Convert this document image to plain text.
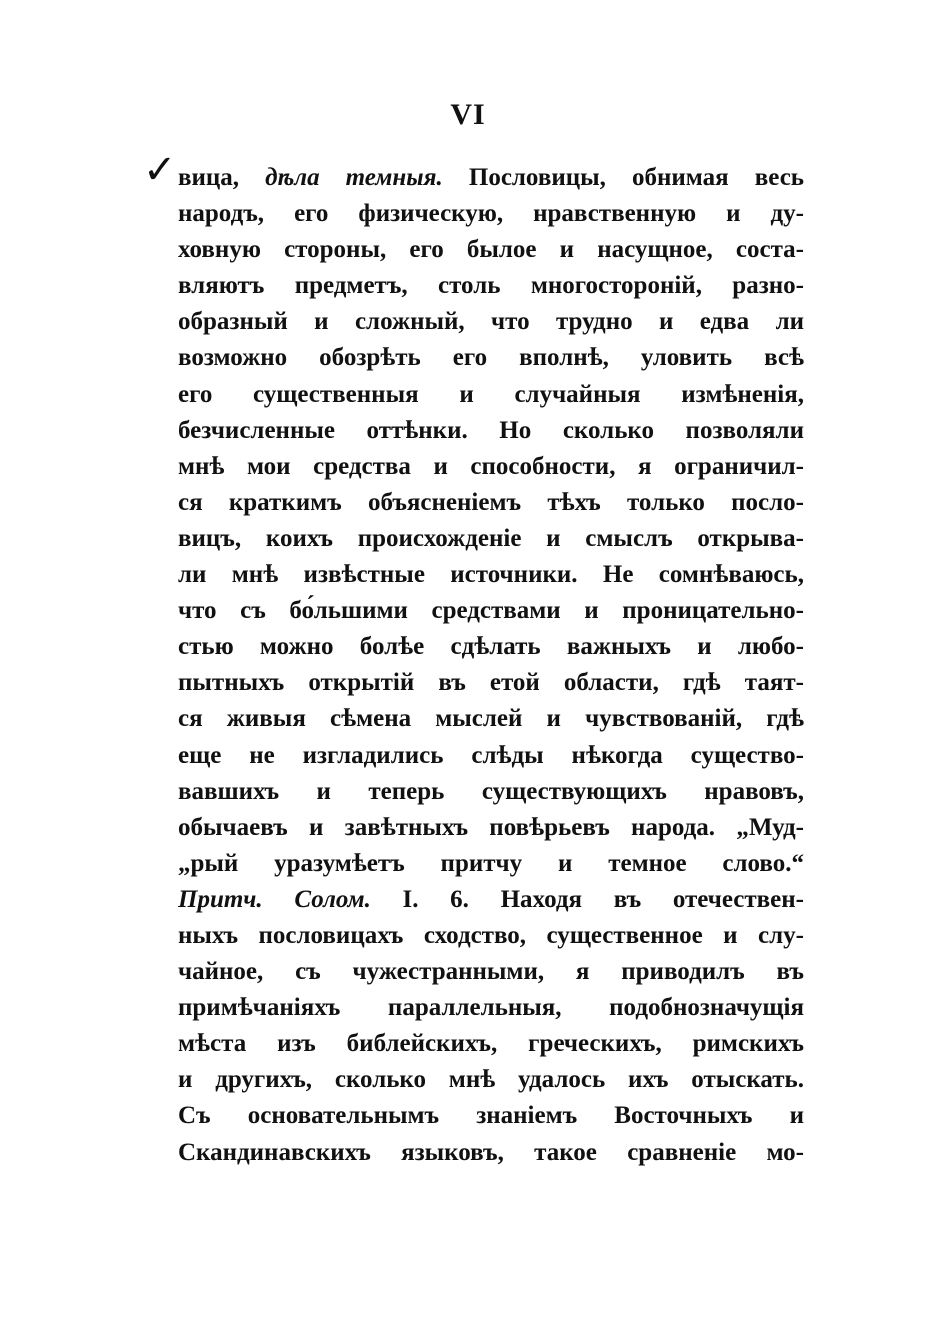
VI
✓ вица, дѣла темныя. Пословицы, обнимая весь
народъ, его физическую, нравственную и ду-
ховную стороны, его былое и насущное, соста-
вляютъ предметъ, столь многосторонiй, разно-
образный и сложный, что трудно и едва ли
возможно обозрѣть его вполнѣ, уловить всѣ
его существенныя и случайныя измѣненiя,
безчисленные оттѣнки. Но сколько позволяли
мнѣ мои средства и способности, я ограничил-
ся краткимъ объясненiемъ тѣхъ только посло-
вицъ, коихъ происхожденiе и смыслъ открыва-
ли мнѣ извѣстные источники. Не сомнѣваюсь,
что съ бо́льшими средствами и проницательно-
стью можно болѣе сдѣлать важныхъ и любо-
пытныхъ открытiй въ етой области, гдѣ таят-
ся живыя сѣмена мыслей и чувствованiй, гдѣ
еще не изгладились слѣды нѣкогда существо-
вавшихъ и теперь существующихъ нравовъ,
обычаевъ и завѣтныхъ повѣрьевъ народа. „Муд-
„рый уразумѣетъ притчу и темное слово.“
Притч. Солом. I. 6. Находя въ отечествен-
ныхъ пословицахъ сходство, существенное и слу-
чайное, съ чужестранными, я приводилъ въ
примѣчанiяхъ параллельныя, подобнозначущiя
мѣста изъ библейскихъ, греческихъ, римскихъ
и другихъ, сколько мнѣ удалось ихъ отыскать.
Съ основательнымъ знанiемъ Восточныхъ и
Скандинавскихъ языковъ, такое сравненiе мо-
